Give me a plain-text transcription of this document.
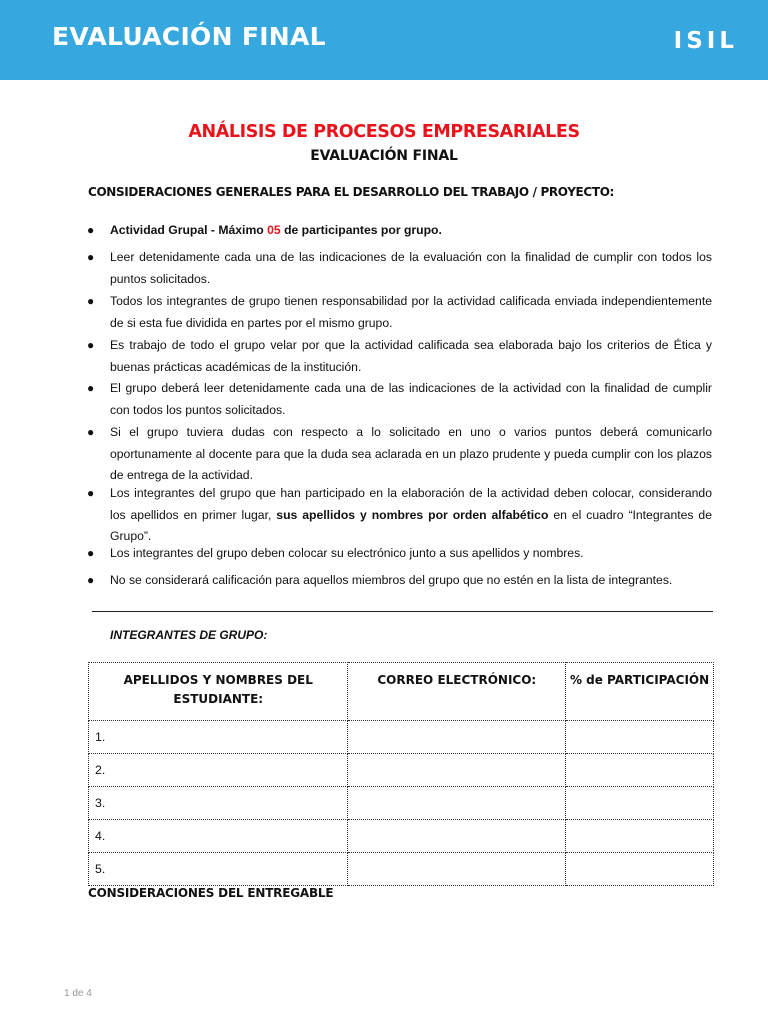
EVALUACIÓN FINAL	ISIL
ANÁLISIS DE PROCESOS EMPRESARIALES
EVALUACIÓN FINAL
CONSIDERACIONES GENERALES PARA EL DESARROLLO DEL TRABAJO / PROYECTO:
● Actividad Grupal - Máximo 05 de participantes por grupo.
● Leer detenidamente cada una de las indicaciones de la evaluación con la finalidad de cumplir con todos los puntos solicitados.
● Todos los integrantes de grupo tienen responsabilidad por la actividad calificada enviada independientemente de si esta fue dividida en partes por el mismo grupo.
● Es trabajo de todo el grupo velar por que la actividad calificada sea elaborada bajo los criterios de Ética y buenas prácticas académicas de la institución.
● El grupo deberá leer detenidamente cada una de las indicaciones de la actividad con la finalidad de cumplir con todos los puntos solicitados.
● Si el grupo tuviera dudas con respecto a lo solicitado en uno o varios puntos deberá comunicarlo oportunamente al docente para que la duda sea aclarada en un plazo prudente y pueda cumplir con los plazos de entrega de la actividad.
● Los integrantes del grupo que han participado en la elaboración de la actividad deben colocar, considerando los apellidos en primer lugar, sus apellidos y nombres por orden alfabético en el cuadro “Integrantes de Grupo”.
● Los integrantes del grupo deben colocar su electrónico junto a sus apellidos y nombres.
● No se considerará calificación para aquellos miembros del grupo que no estén en la lista de integrantes.
INTEGRANTES DE GRUPO:
APELLIDOS Y NOMBRES DEL ESTUDIANTE:	CORREO ELECTRÓNICO:	% de PARTICIPACIÓN
1.		
2.		
3.		
4.		
5.		
CONSIDERACIONES DEL ENTREGABLE
1 de 4
